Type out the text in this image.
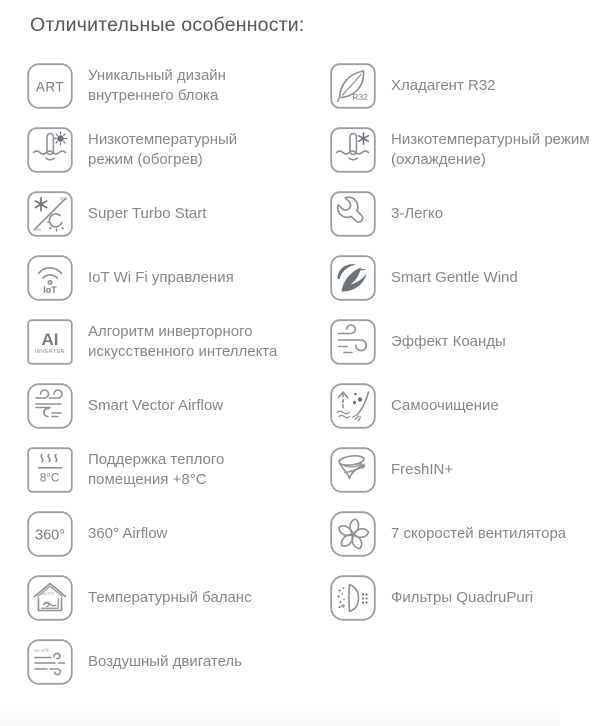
Отличительные особенности:
ART
Уникальный дизайн внутреннего блока
Низкотемпературный режим (обогрев)
90s
60s
Super Turbo Start
IoT
IoT Wi Fi управления
AI
INVERTER
Алгоритм инверторного искусственного интеллекта
Smart Vector Airflow
8°C
Поддержка теплого помещения +8°C
360° 360° Airflow
±0.5°C Температурный баланс
60 m³/h
Воздушный двигатель
R32
Хладагент R32
Низкотемпературный режим (охлаждение)
3-Легко
Smart Gentle Wind
Эффект Коанды
Самоочищение
FreshIN+
7 скоростей вентилятора
Фильтры QuadruPuri
